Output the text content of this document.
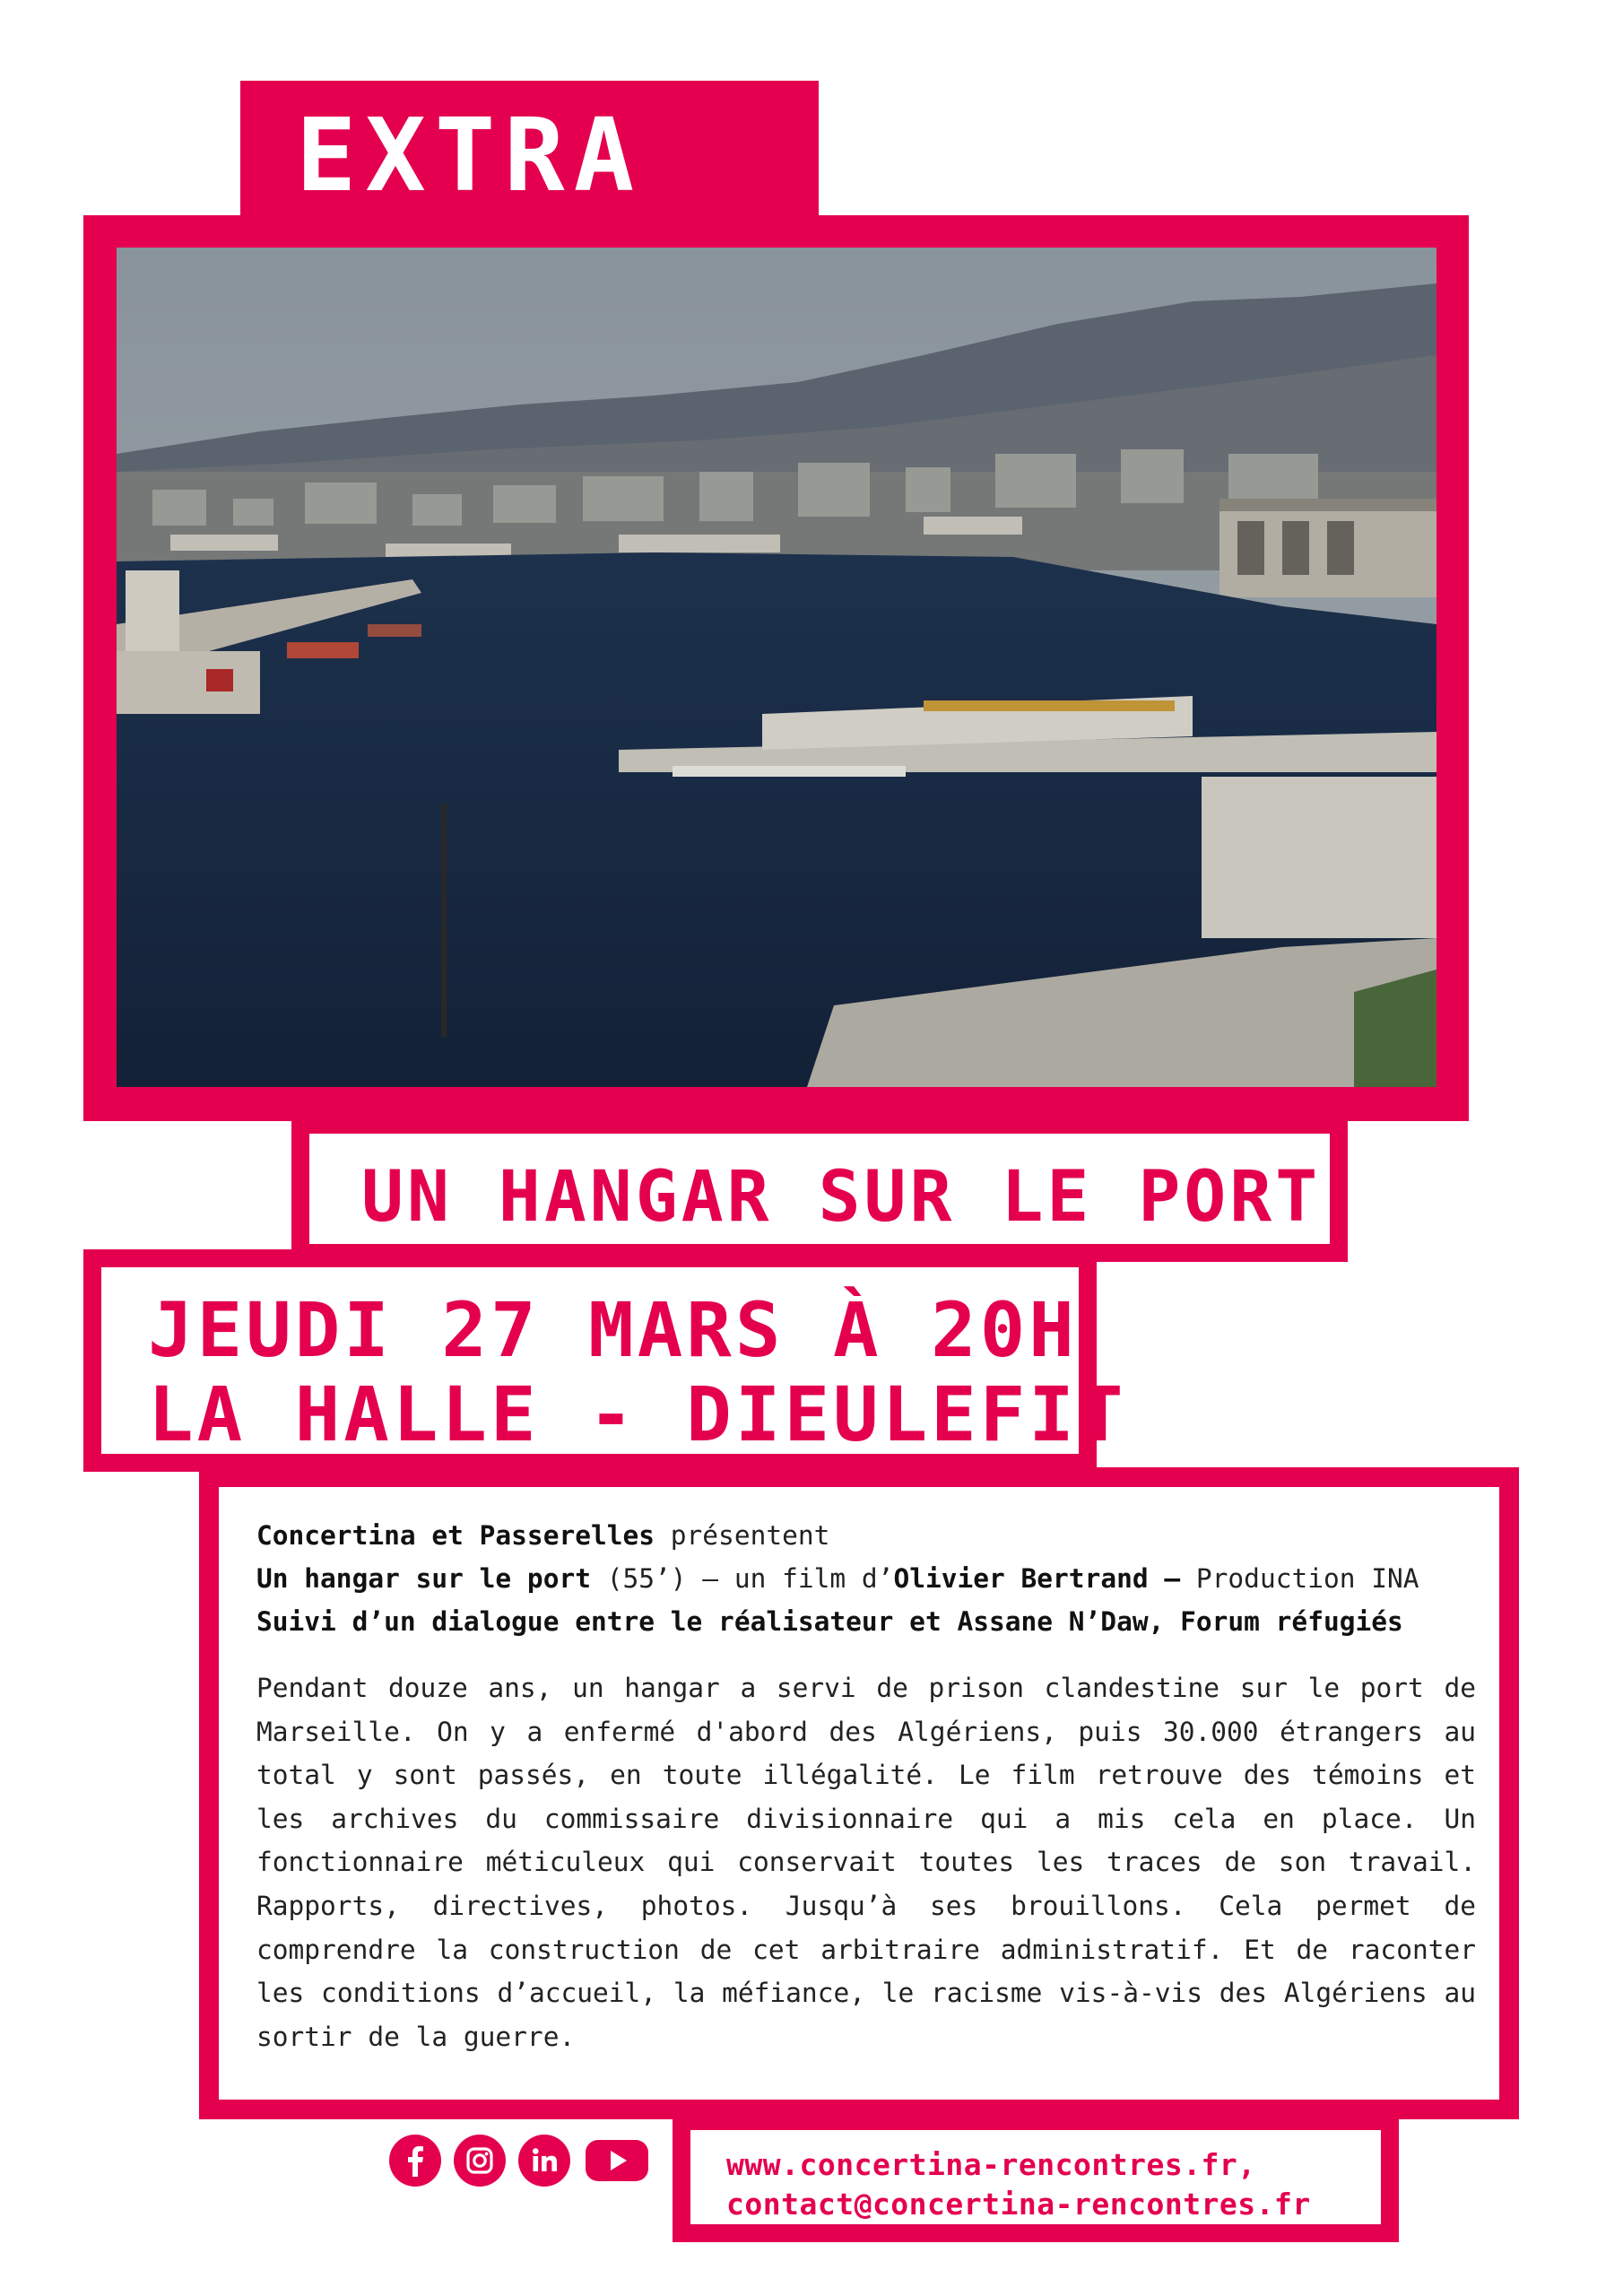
EXTRA
UN HANGAR SUR LE PORT
JEUDI 27 MARS À 20H
LA HALLE - DIEULEFIT
Concertina et Passerelles présentent
Un hangar sur le port (55’) – un film d’Olivier Bertrand – Production INA
Suivi d’un dialogue entre le réalisateur et Assane N’Daw, Forum réfugiés
Pendant douze ans, un hangar a servi de prison clandestine sur le port de Marseille. On y a enfermé d'abord des Algériens, puis 30.000 étrangers au total y sont passés, en toute illégalité. Le film retrouve des témoins et les archives du commissaire divisionnaire qui a mis cela en place. Un fonctionnaire méticuleux qui conservait toutes les traces de son travail. Rapports, directives, photos. Jusqu’à ses brouillons. Cela permet de comprendre la construction de cet arbitraire administratif. Et de raconter les conditions d’accueil, la méfiance, le racisme vis-à-vis des Algériens au sortir de la guerre.
www.concertina-rencontres.fr,
contact@concertina-rencontres.fr
